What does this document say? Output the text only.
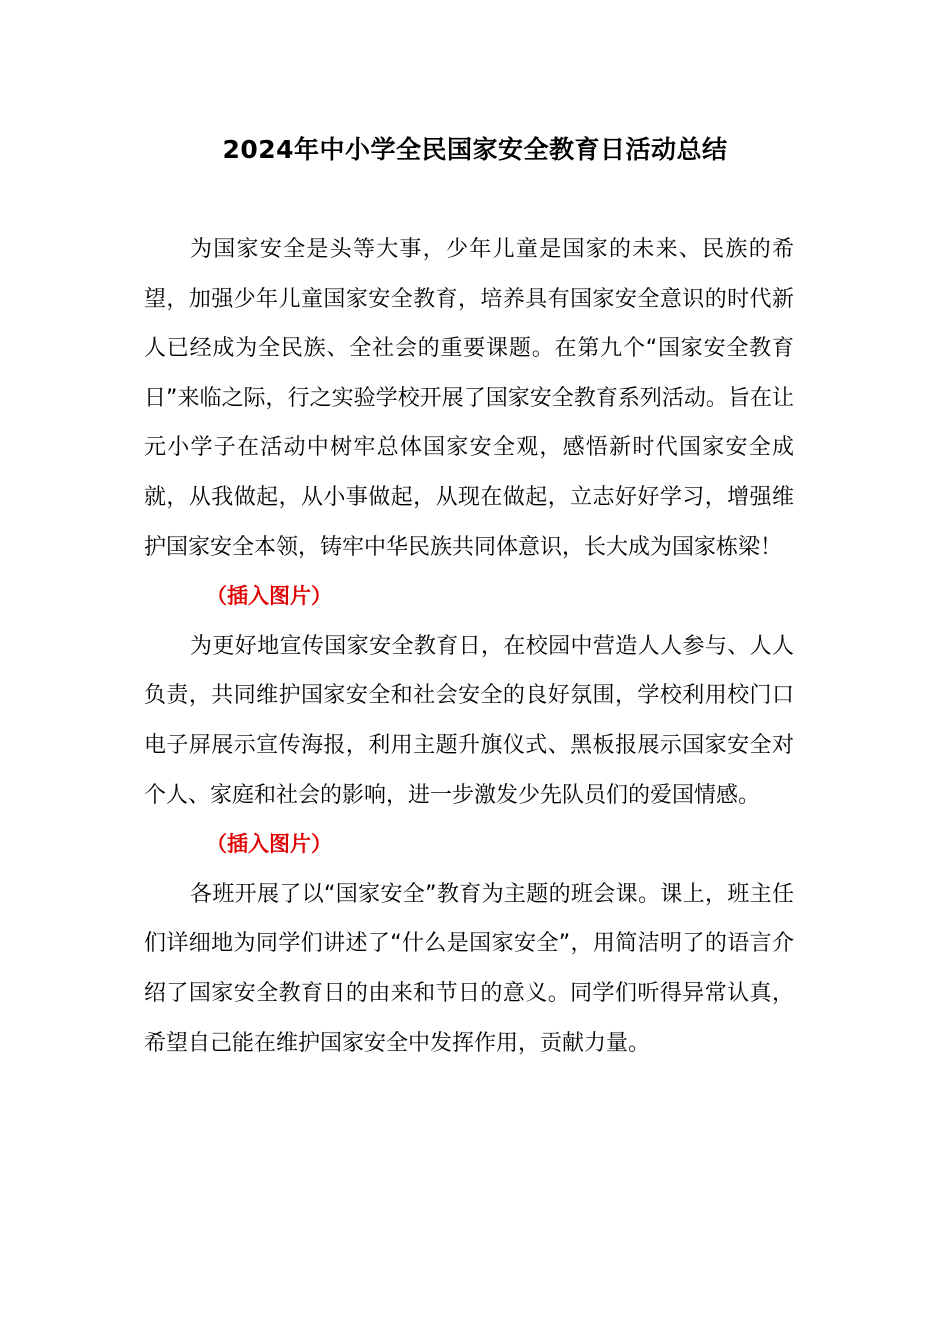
2024年中小学全民国家安全教育日活动总结

为国家安全是头等大事，少年儿童是国家的未来、民族的希望，加强少年儿童国家安全教育，培养具有国家安全意识的时代新人已经成为全民族、全社会的重要课题。在第九个“国家安全教育日”来临之际，行之实验学校开展了国家安全教育系列活动。旨在让元小学子在活动中树牢总体国家安全观，感悟新时代国家安全成就，从我做起，从小事做起，从现在做起，立志好好学习，增强维护国家安全本领，铸牢中华民族共同体意识，长大成为国家栋梁！

（插入图片）

为更好地宣传国家安全教育日，在校园中营造人人参与、人人负责，共同维护国家安全和社会安全的良好氛围，学校利用校门口电子屏展示宣传海报，利用主题升旗仪式、黑板报展示国家安全对个人、家庭和社会的影响，进一步激发少先队员们的爱国情感。

（插入图片）

各班开展了以“国家安全”教育为主题的班会课。课上，班主任们详细地为同学们讲述了“什么是国家安全”，用简洁明了的语言介绍了国家安全教育日的由来和节日的意义。同学们听得异常认真，希望自己能在维护国家安全中发挥作用，贡献力量。
